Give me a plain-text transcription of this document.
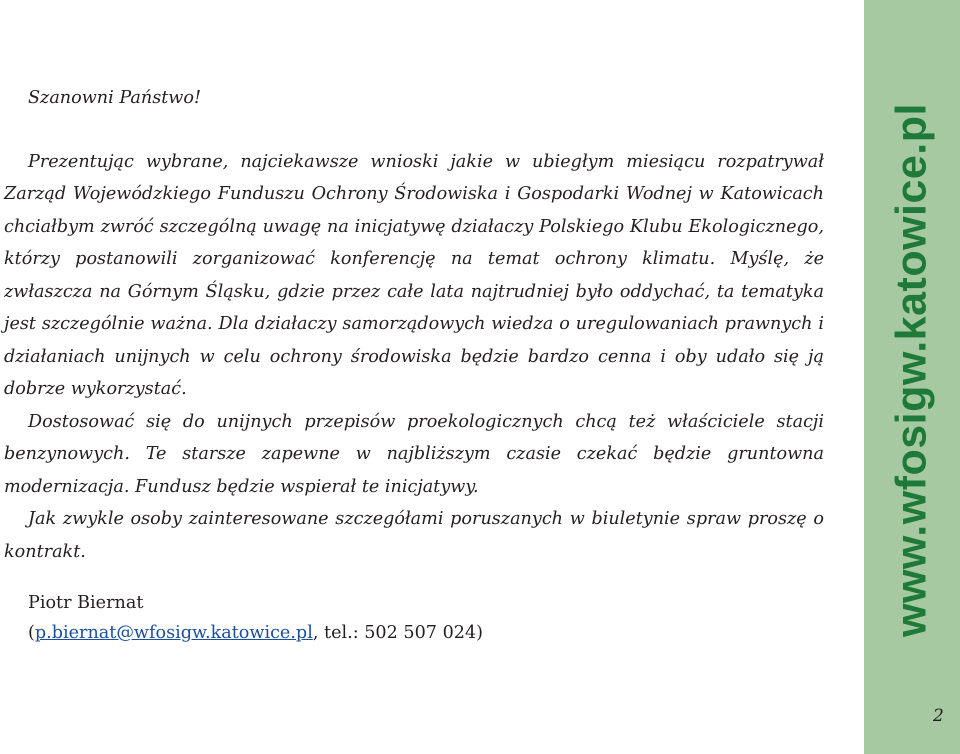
Szanowni Państwo!

Prezentując wybrane, najciekawsze wnioski jakie w ubiegłym miesiącu rozpatrywał Zarząd Wojewódzkiego Funduszu Ochrony Środowiska i Gospodarki Wodnej w Katowicach chciałbym zwróć szczególną uwagę na inicjatywę działaczy Polskiego Klubu Ekologicznego, którzy postanowili zorganizować konferencję na temat ochrony klimatu. Myślę, że zwłaszcza na Górnym Śląsku, gdzie przez całe lata najtrudniej było oddychać, ta tematyka jest szczególnie ważna. Dla działaczy samorządowych wiedza o uregulowaniach prawnych i działaniach unijnych w celu ochrony środowiska będzie bardzo cenna i oby udało się ją dobrze wykorzystać.

Dostosować się do unijnych przepisów proekologicznych chcą też właściciele stacji benzynowych. Te starsze zapewne w najbliższym czasie czekać będzie gruntowna modernizacja. Fundusz będzie wspierał te inicjatywy.

Jak zwykle osoby zainteresowane szczegółami poruszanych w biuletynie spraw proszę o kontrakt.

Piotr Biernat
(p.biernat@wfosigw.katowice.pl, tel.: 502 507 024)	www.wfosigw.katowice.pl
2
